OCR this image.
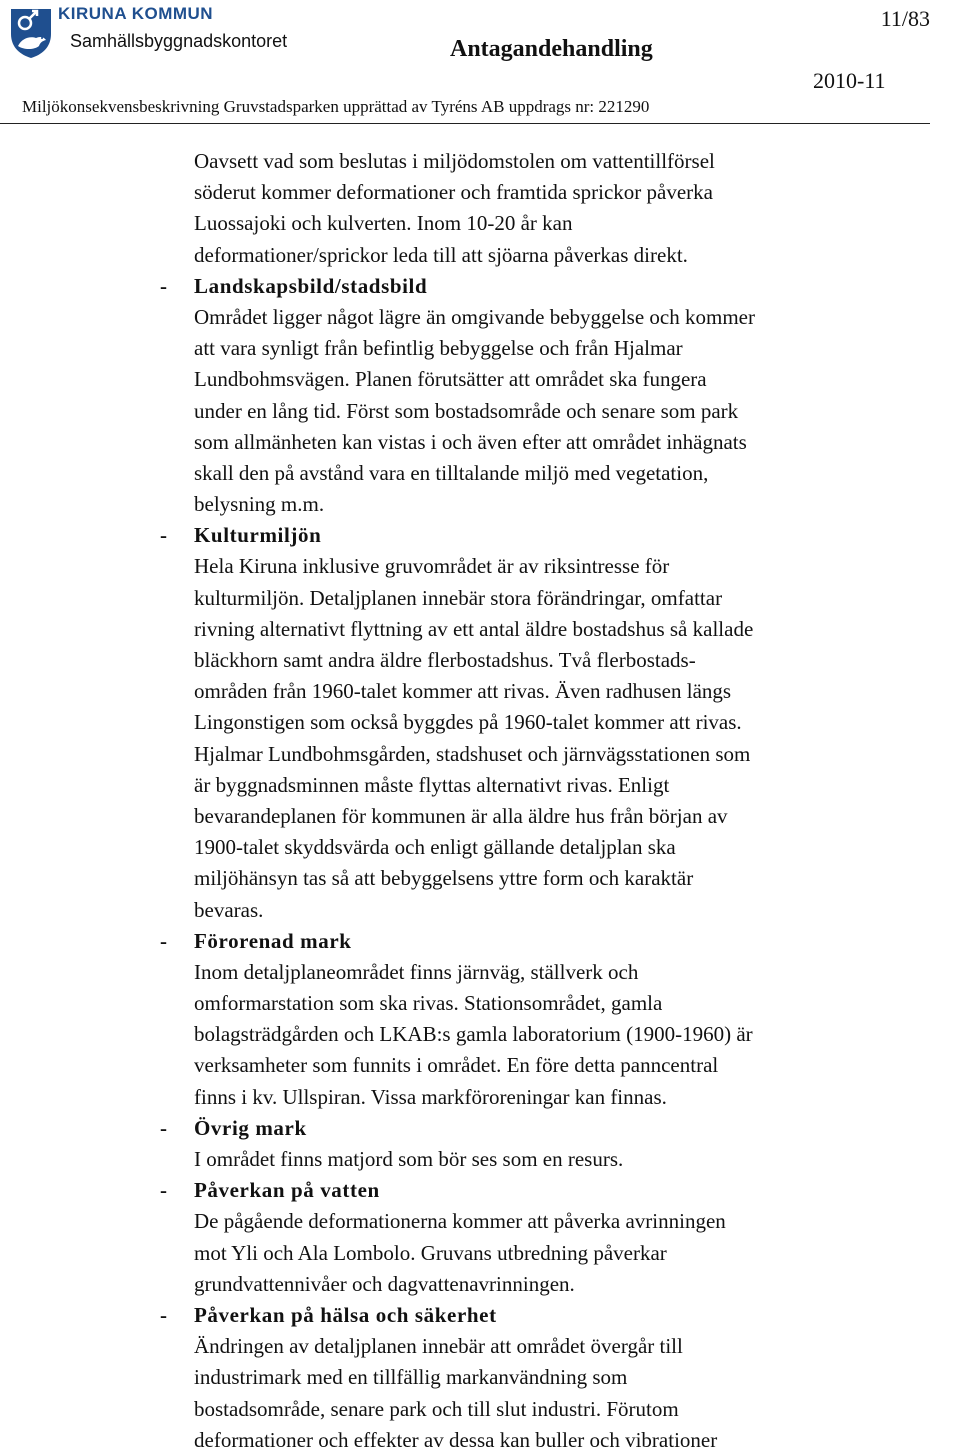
KIRUNA KOMMUN
Samhällsbyggnadskontoret	Antagandehandling
11/83
2010-11
Miljökonsekvensbeskrivning Gruvstadsparken upprättad av Tyréns AB uppdrags nr: 221290
Oavsett vad som beslutas i miljödomstolen om vattentillförsel
söderut kommer deformationer och framtida sprickor påverka
Luossajoki och kulverten. Inom 10-20 år kan
deformationer/sprickor leda till att sjöarna påverkas direkt.
- Landskapsbild/stadsbild
Området ligger något lägre än omgivande bebyggelse och kommer
att vara synligt från befintlig bebyggelse och från Hjalmar
Lundbohmsvägen. Planen förutsätter att området ska fungera
under en lång tid. Först som bostadsområde och senare som park
som allmänheten kan vistas i och även efter att området inhägnats
skall den på avstånd vara en tilltalande miljö med vegetation,
belysning m.m.
- Kulturmiljön
Hela Kiruna inklusive gruvområdet är av riksintresse för
kulturmiljön. Detaljplanen innebär stora förändringar, omfattar
rivning alternativt flyttning av ett antal äldre bostadshus så kallade
bläckhorn samt andra äldre flerbostadshus. Två flerbostads-
områden från 1960-talet kommer att rivas. Även radhusen längs
Lingonstigen som också byggdes på 1960-talet kommer att rivas.
Hjalmar Lundbohmsgården, stadshuset och järnvägsstationen som
är byggnadsminnen måste flyttas alternativt rivas. Enligt
bevarandeplanen för kommunen är alla äldre hus från början av
1900-talet skyddsvärda och enligt gällande detaljplan ska
miljöhänsyn tas så att bebyggelsens yttre form och karaktär
bevaras.
- Förorenad mark
Inom detaljplaneområdet finns järnväg, ställverk och
omformarstation som ska rivas. Stationsområdet, gamla
bolagsträdgården och LKAB:s gamla laboratorium (1900-1960) är
verksamheter som funnits i området. En före detta panncentral
finns i kv. Ullspiran. Vissa markföroreningar kan finnas.
- Övrig mark
I området finns matjord som bör ses som en resurs.
- Påverkan på vatten
De pågående deformationerna kommer att påverka avrinningen
mot Yli och Ala Lombolo. Gruvans utbredning påverkar
grundvattennivåer och dagvattenavrinningen.
- Påverkan på hälsa och säkerhet
Ändringen av detaljplanen innebär att området övergår till
industrimark med en tillfällig markanvändning som
bostadsområde, senare park och till slut industri. Förutom
deformationer och effekter av dessa kan buller och vibrationer
